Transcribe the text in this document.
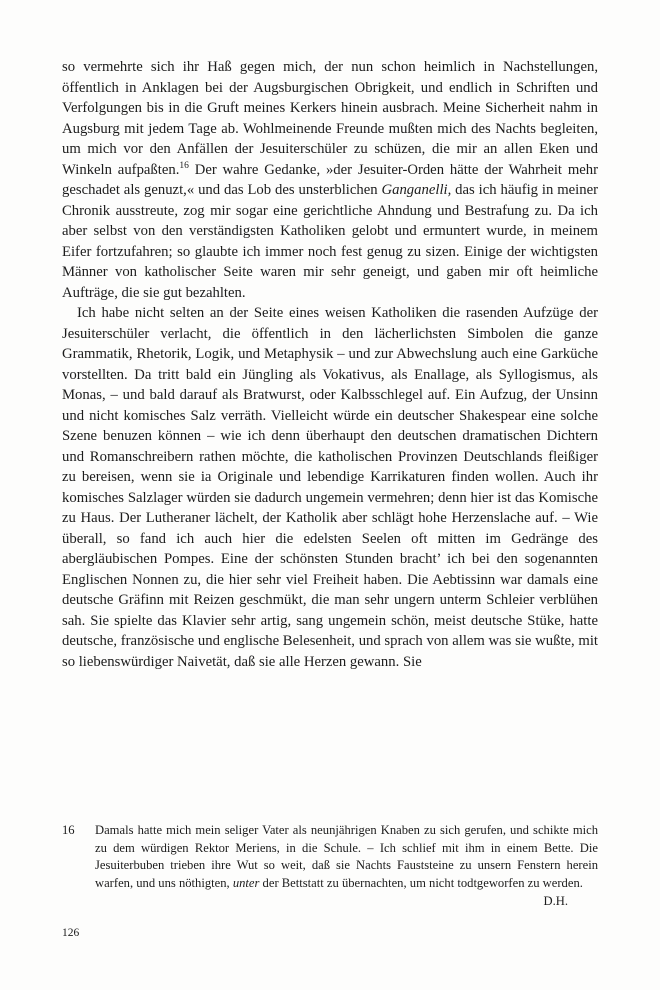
so vermehrte sich ihr Haß gegen mich, der nun schon heimlich in Nachstellungen, öffentlich in Anklagen bei der Augsburgischen Obrigkeit, und endlich in Schriften und Verfolgungen bis in die Gruft meines Kerkers hinein ausbrach. Meine Sicherheit nahm in Augsburg mit jedem Tage ab. Wohlmeinende Freunde mußten mich des Nachts begleiten, um mich vor den Anfällen der Jesuiterschüler zu schüzen, die mir an allen Eken und Winkeln aufpaßten.$^{16}$ Der wahre Gedanke, »der Jesuiter-Orden hätte der Wahrheit mehr geschadet als genuzt,« und das Lob des unsterblichen Ganganelli, das ich häufig in meiner Chronik ausstreute, zog mir sogar eine gerichtliche Ahndung und Bestrafung zu. Da ich aber selbst von den verständigsten Katholiken gelobt und ermuntert wurde, in meinem Eifer fortzufahren; so glaubte ich immer noch fest genug zu sizen. Einige der wichtigsten Männer von katholischer Seite waren mir sehr geneigt, und gaben mir oft heimliche Aufträge, die sie gut bezahlten.

Ich habe nicht selten an der Seite eines weisen Katholiken die rasenden Aufzüge der Jesuiterschüler verlacht, die öffentlich in den lächerlichsten Simbolen die ganze Grammatik, Rhetorik, Logik, und Metaphysik – und zur Abwechslung auch eine Garküche vorstellten. Da tritt bald ein Jüngling als Vokativus, als Enallage, als Syllogismus, als Monas, – und bald darauf als Bratwurst, oder Kalbsschlegel auf. Ein Aufzug, der Unsinn und nicht komisches Salz verräth. Vielleicht würde ein deutscher Shakespear eine solche Szene benuzen können – wie ich denn überhaupt den deutschen dramatischen Dichtern und Romanschreibern rathen möchte, die katholischen Provinzen Deutschlands fleißiger zu bereisen, wenn sie ia Originale und lebendige Karrikaturen finden wollen. Auch ihr komisches Salzlager würden sie dadurch ungemein vermehren; denn hier ist das Komische zu Haus. Der Lutheraner lächelt, der Katholik aber schlägt hohe Herzenslache auf. – Wie überall, so fand ich auch hier die edelsten Seelen oft mitten im Gedränge des abergläubischen Pompes. Eine der schönsten Stunden bracht’ ich bei den sogenannten Englischen Nonnen zu, die hier sehr viel Freiheit haben. Die Aebtissinn war damals eine deutsche Gräfinn mit Reizen geschmükt, die man sehr ungern unterm Schleier verblühen sah. Sie spielte das Klavier sehr artig, sang ungemein schön, meist deutsche Stüke, hatte deutsche, französische und englische Belesenheit, und sprach von allem was sie wußte, mit so liebenswürdiger Naivetät, daß sie alle Herzen gewann. Sie

16	Damals hatte mich mein seliger Vater als neunjährigen Knaben zu sich gerufen, und schikte mich zu dem würdigen Rektor Meriens, in die Schule. – Ich schlief mit ihm in einem Bette. Die Jesuiterbuben trieben ihre Wut so weit, daß sie Nachts Fauststeine zu unsern Fenstern herein warfen, und uns nöthigten, unter der Bettstatt zu übernachten, um nicht todtgeworfen zu werden.
D.H.
126
